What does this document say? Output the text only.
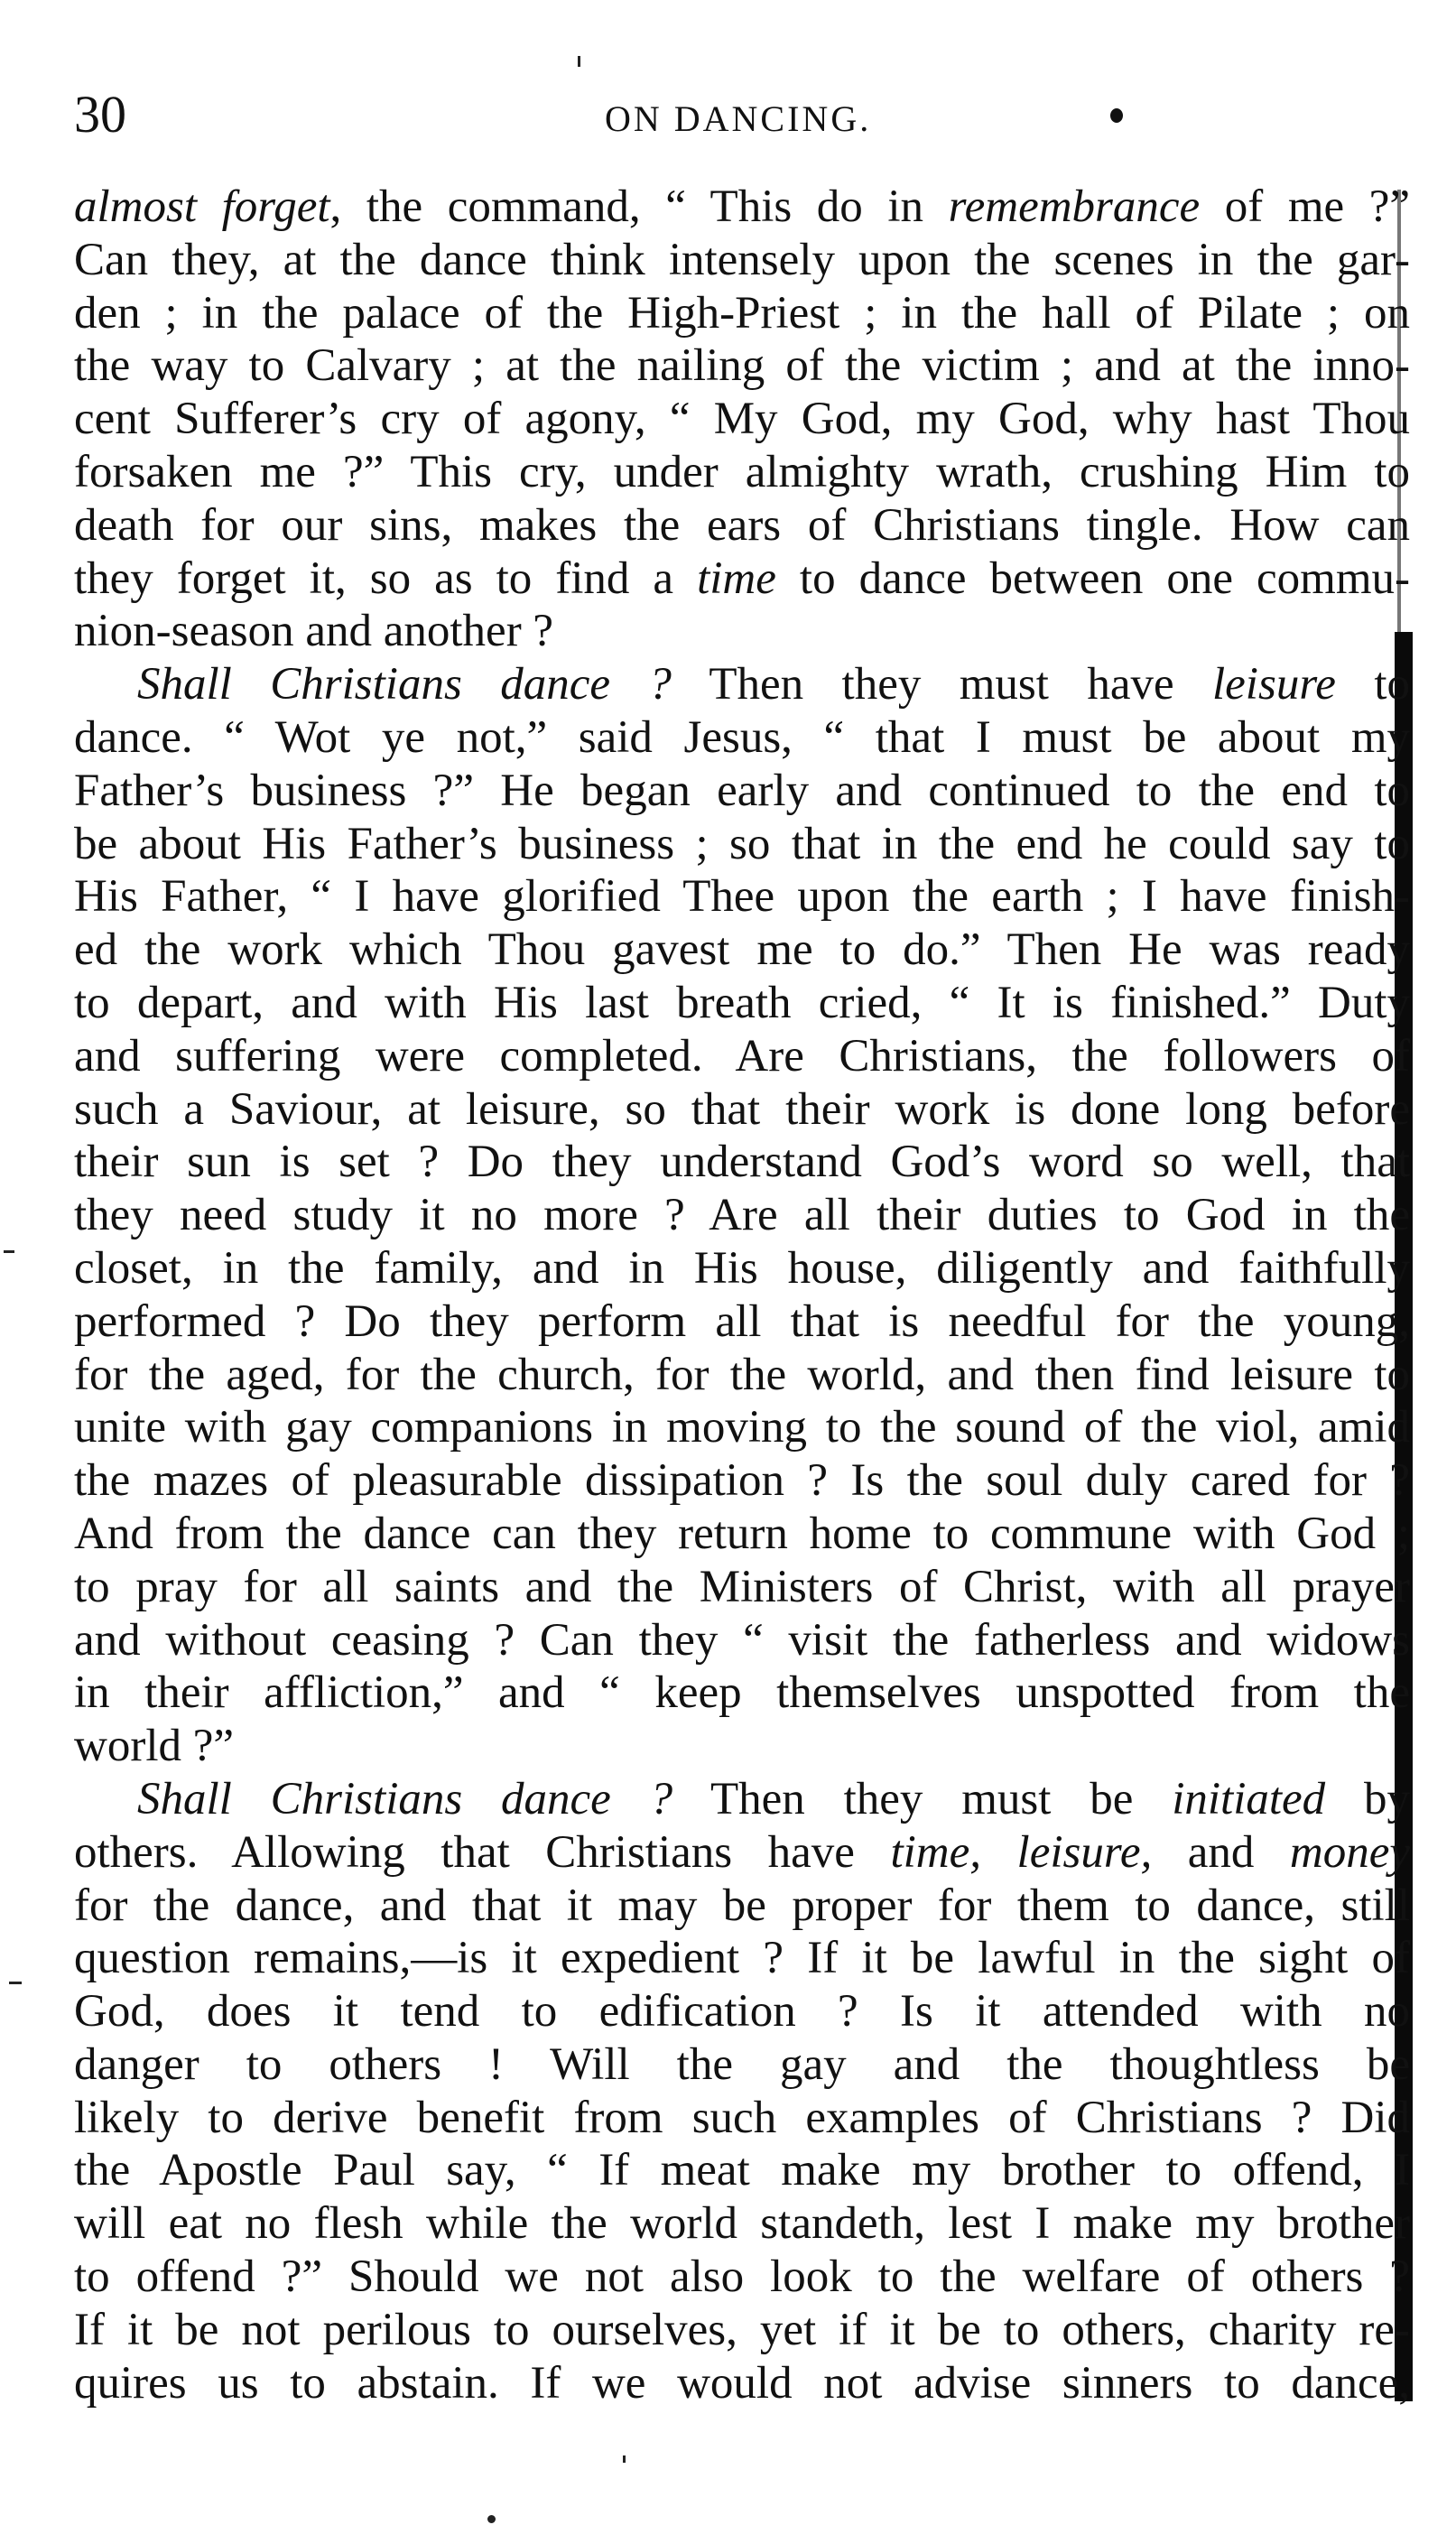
30	ON DANCING.
almost forget, the command, “ This do in remembrance of me ?”
Can they, at the dance think intensely upon the scenes in the gar-
den ; in the palace of the High-Priest ; in the hall of Pilate ; on
the way to Calvary ; at the nailing of the victim ; and at the inno-
cent Sufferer’s cry of agony, “ My God, my God, why hast Thou
forsaken me ?” This cry, under almighty wrath, crushing Him to
death for our sins, makes the ears of Christians tingle. How can
they forget it, so as to find a time to dance between one commu-
nion-season and another ?
Shall Christians dance ? Then they must have leisure to
dance. “ Wot ye not,” said Jesus, “ that I must be about my
Father’s business ?” He began early and continued to the end to
be about His Father’s business ; so that in the end he could say to
His Father, “ I have glorified Thee upon the earth ; I have finish-
ed the work which Thou gavest me to do.” Then He was ready
to depart, and with His last breath cried, “ It is finished.” Duty
and suffering were completed. Are Christians, the followers of
such a Saviour, at leisure, so that their work is done long before
their sun is set ? Do they understand God’s word so well, that
they need study it no more ? Are all their duties to God in the
closet, in the family, and in His house, diligently and faithfully
performed ? Do they perform all that is needful for the young,
for the aged, for the church, for the world, and then find leisure to
unite with gay companions in moving to the sound of the viol, amid
the mazes of pleasurable dissipation ? Is the soul duly cared for ?
And from the dance can they return home to commune with God ;
to pray for all saints and the Ministers of Christ, with all prayer
and without ceasing ? Can they “ visit the fatherless and widows
in their affliction,” and “ keep themselves unspotted from the
world ?”
Shall Christians dance ? Then they must be initiated by
others. Allowing that Christians have time, leisure, and money
for the dance, and that it may be proper for them to dance, still
question remains,—is it expedient ? If it be lawful in the sight of
God, does it tend to edification ? Is it attended with no
danger to others ! Will the gay and the thoughtless be
likely to derive benefit from such examples of Christians ? Did
the Apostle Paul say, “ If meat make my brother to offend, I
will eat no flesh while the world standeth, lest I make my brother
to offend ?” Should we not also look to the welfare of others ?
If it be not perilous to ourselves, yet if it be to others, charity re-
quires us to abstain. If we would not advise sinners to dance,
